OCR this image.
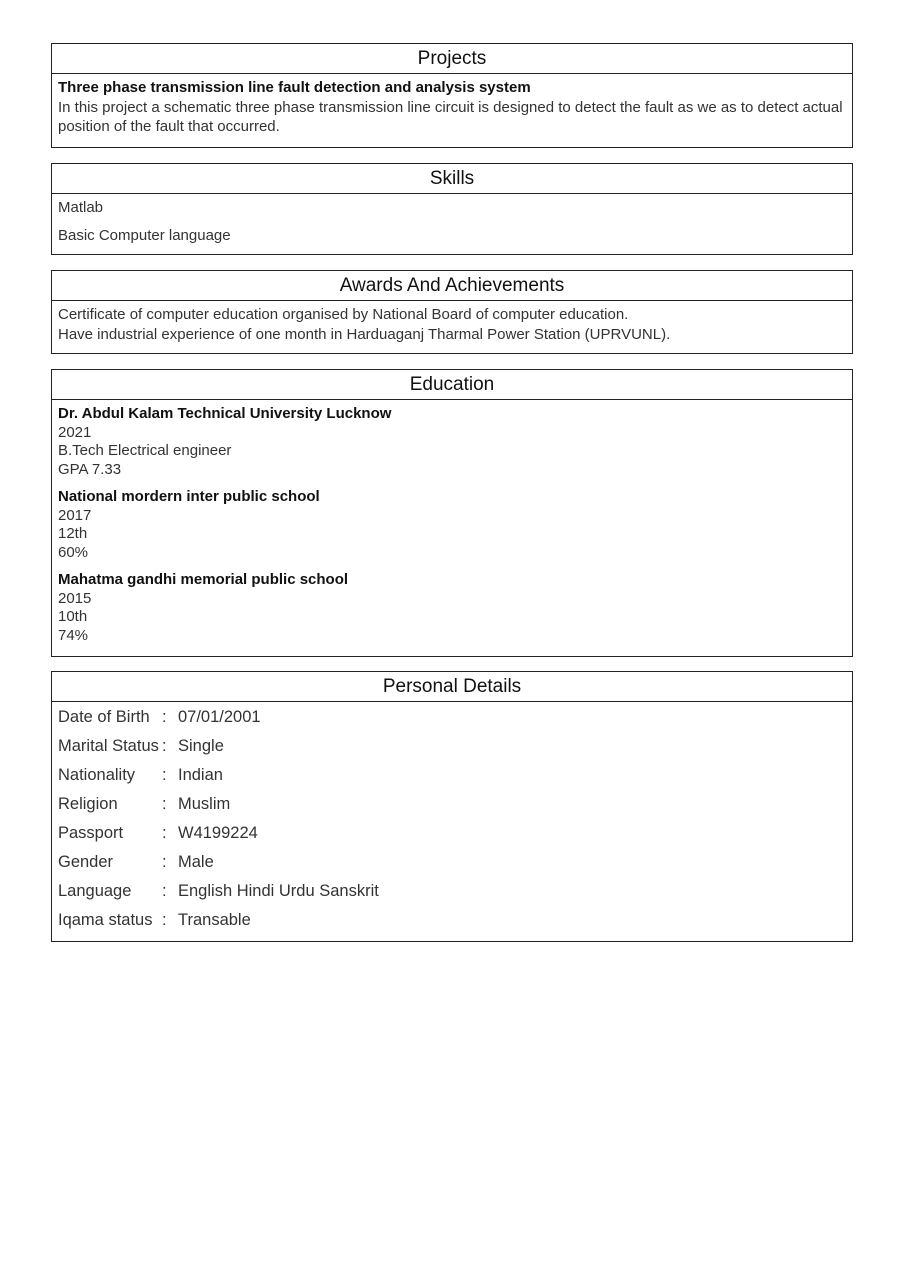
Projects
Three phase transmission line fault detection and analysis system
In this project a schematic three phase transmission line circuit is designed to detect the fault as we as to detect actual position of the fault that occurred.
Skills
Matlab
Basic Computer language
Awards And Achievements
Certificate of computer education organised by National Board of computer education.
Have industrial experience of one month in Harduaganj Tharmal Power Station (UPRVUNL).
Education
Dr. Abdul Kalam Technical University Lucknow
2021
B.Tech Electrical engineer
GPA 7.33
National mordern inter public school
2017
12th
60%
Mahatma gandhi memorial public school
2015
10th
74%
Personal Details
Date of Birth : 07/01/2001
Marital Status : Single
Nationality	: Indian
Religion	: Muslim
Passport	: W4199224
Gender	: Male
Language	: English Hindi Urdu Sanskrit
Iqama status : Transable
